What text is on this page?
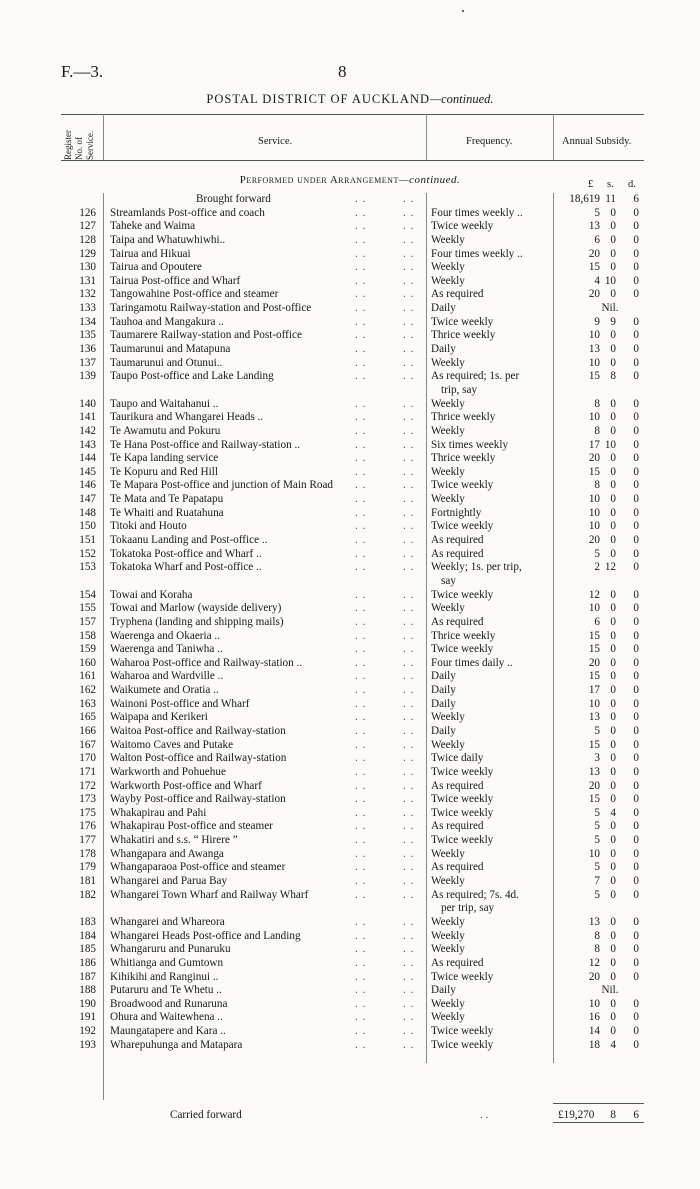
F.—3.	8
POSTAL DISTRICT OF AUCKLAND—continued.
Register No. of Service.	Service.	Frequency.	Annual Subsidy.
Performed under Arrangement—continued.	£ s. d.
Brought forward	. .	. .	18,619 11	6
126 Streamlands Post-office and coach	. .	. . Four times weekly ..	5 0	0
127 Taheke and Waima	. .	. . Twice weekly	13 0	0
128 Taipa and Whatuwhiwhi..	. .	. . Weekly	6 0	0
129 Tairua and Hikuai	. .	. . Four times weekly ..	20 0	0
130 Tairua and Opoutere	. .	. . Weekly	15 0	0
131 Tairua Post-office and Wharf	. .	. . Weekly	4 10	0
132 Tangowahine Post-office and steamer	. .	. . As required	20 0	0
133 Taringamotu Railway-station and Post-office	. .	. . Daily	Nil.
134 Tauhoa and Mangakura ..	. .	. . Twice weekly	9 9	0
135 Taumarere Railway-station and Post-office	. .	. . Thrice weekly	10 0	0
136 Taumarunui and Matapuna	. .	. . Daily	13 0	0
137 Taumarunui and Otunui..	. .	. . Weekly	10 0	0
139 Taupo Post-office and Lake Landing	. .	. . As required; 1s. per	15 8	0
trip, say
140 Taupo and Waitahanui ..	. .	. . Weekly	8 0	0
141 Taurikura and Whangarei Heads ..	. .	. . Thrice weekly	10 0	0
142 Te Awamutu and Pokuru	. .	. . Weekly	8 0	0
143 Te Hana Post-office and Railway-station ..	. .	. . Six times weekly	17 10	0
144 Te Kapa landing service	. .	. . Thrice weekly	20 0	0
145 Te Kopuru and Red Hill	. .	. . Weekly	15 0	0
146 Te Mapara Post-office and junction of Main Road . .	. . Twice weekly	8 0	0
147 Te Mata and Te Papatapu	. .	. . Weekly	10 0	0
148 Te Whaiti and Ruatahuna	. .	. . Fortnightly	10 0	0
150 Titoki and Houto	. .	. . Twice weekly	10 0	0
151 Tokaanu Landing and Post-office ..	. .	. . As required	20 0	0
152 Tokatoka Post-office and Wharf ..	. .	. . As required	5 0	0
153 Tokatoka Wharf and Post-office ..	. .	. . Weekly; 1s. per trip,	2 12	0
say
154 Towai and Koraha	. .	. . Twice weekly	12 0	0
155 Towai and Marlow (wayside delivery)	. .	. . Weekly	10 0	0
157 Tryphena (landing and shipping mails)	. .	. . As required	6 0	0
158 Waerenga and Okaeria ..	. .	. . Thrice weekly	15 0	0
159 Waerenga and Taniwha ..	. .	. . Twice weekly	15 0	0
160 Waharoa Post-office and Railway-station ..	. .	. . Four times daily ..	20 0	0
161 Waharoa and Wardville ..	. .	. . Daily	15 0	0
162 Waikumete and Oratia ..	. .	. . Daily	17 0	0
163 Wainoni Post-office and Wharf	. .	. . Daily	10 0	0
165 Waipapa and Kerikeri	. .	. . Weekly	13 0	0
166 Waitoa Post-office and Railway-station	. .	. . Daily	5 0	0
167 Waitomo Caves and Putake	. .	. . Weekly	15 0	0
170 Walton Post-office and Railway-station	. .	. . Twice daily	3 0	0
171 Warkworth and Pohuehue	. .	. . Twice weekly	13 0	0
172 Warkworth Post-office and Wharf	. .	. . As required	20 0	0
173 Wayby Post-office and Railway-station	. .	. . Twice weekly	15 0	0
175 Whakapirau and Pahi	. .	. . Twice weekly	5 4	0
176 Whakapirau Post-office and steamer	. .	. . As required	5 0	0
177 Whakatiri and s.s. “ Hirere ”	. .	. . Twice weekly	5 0	0
178 Whangapara and Awanga	. .	. . Weekly	10 0	0
179 Whangaparaoa Post-office and steamer	. .	. . As required	5 0	0
181 Whangarei and Parua Bay	. .	. . Weekly	7 0	0
182 Whangarei Town Wharf and Railway Wharf	. .	. . As required; 7s. 4d.	5 0	0
per trip, say
183 Whangarei and Whareora	. .	. . Weekly	13 0	0
184 Whangarei Heads Post-office and Landing	. .	. . Weekly	8 0	0
185 Whangaruru and Punaruku	. .	. . Weekly	8 0	0
186 Whitianga and Gumtown	. .	. . As required	12 0	0
187 Kihikihi and Ranginui ..	. .	. . Twice weekly	20 0	0
188 Putaruru and Te Whetu ..	. .	. . Daily	Nil.
190 Broadwood and Runaruna	. .	. . Weekly	10 0	0
191 Ohura and Waitewhena ..	. .	. . Weekly	16 0	0
192 Maungatapere and Kara ..	. .	. . Twice weekly	14 0	0
193 Wharepuhunga and Matapara	. .	. . Twice weekly	18 4	0
Carried forward	. .	£19,270	8	6
